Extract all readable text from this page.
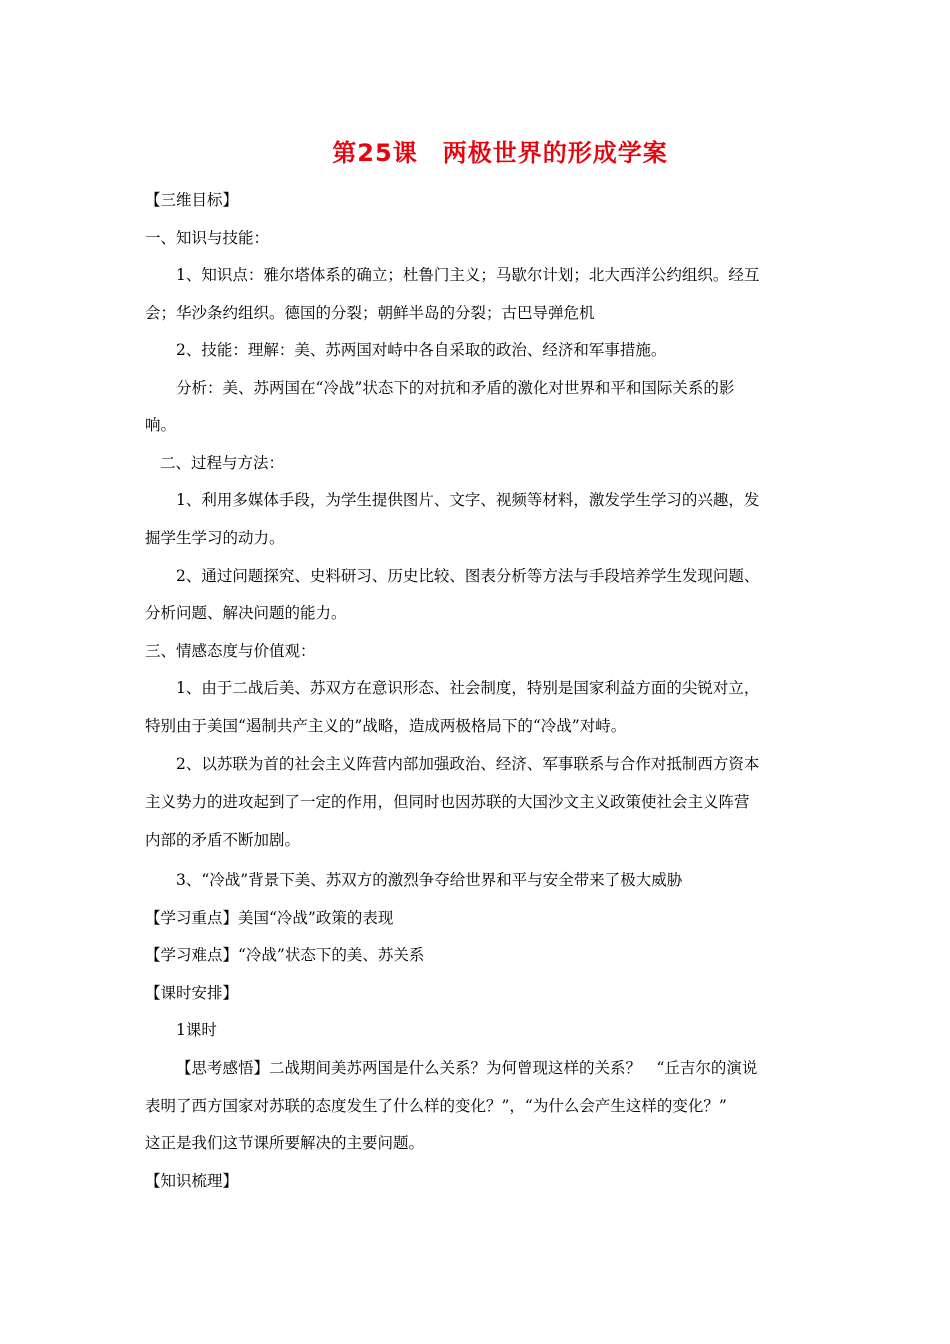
第25课　两极世界的形成学案
【三维目标】
一、知识与技能：
1、知识点：雅尔塔体系的确立；杜鲁门主义；马歇尔计划；北大西洋公约组织。经互
会；华沙条约组织。德国的分裂；朝鲜半岛的分裂；古巴导弹危机
2、技能：理解：美、苏两国对峙中各自采取的政治、经济和军事措施。
分析：美、苏两国在“冷战”状态下的对抗和矛盾的激化对世界和平和国际关系的影
响。
二、过程与方法：
1、利用多媒体手段，为学生提供图片、文字、视频等材料，激发学生学习的兴趣，发
掘学生学习的动力。
2、通过问题探究、史料研习、历史比较、图表分析等方法与手段培养学生发现问题、
分析问题、解决问题的能力。
三、情感态度与价值观：
1、由于二战后美、苏双方在意识形态、社会制度，特别是国家利益方面的尖锐对立，
特别由于美国“遏制共产主义的”战略，造成两极格局下的“冷战”对峙。
2、以苏联为首的社会主义阵营内部加强政治、经济、军事联系与合作对抵制西方资本
主义势力的进攻起到了一定的作用，但同时也因苏联的大国沙文主义政策使社会主义阵营
内部的矛盾不断加剧。
3、“冷战”背景下美、苏双方的激烈争夺给世界和平与安全带来了极大威胁
【学习重点】美国“冷战”政策的表现
【学习难点】“冷战”状态下的美、苏关系
【课时安排】
1课时
【思考感悟】二战期间美苏两国是什么关系？为何曾现这样的关系？　“丘吉尔的演说
表明了西方国家对苏联的态度发生了什么样的变化？”，“为什么会产生这样的变化？”
这正是我们这节课所要解决的主要问题。
【知识梳理】
